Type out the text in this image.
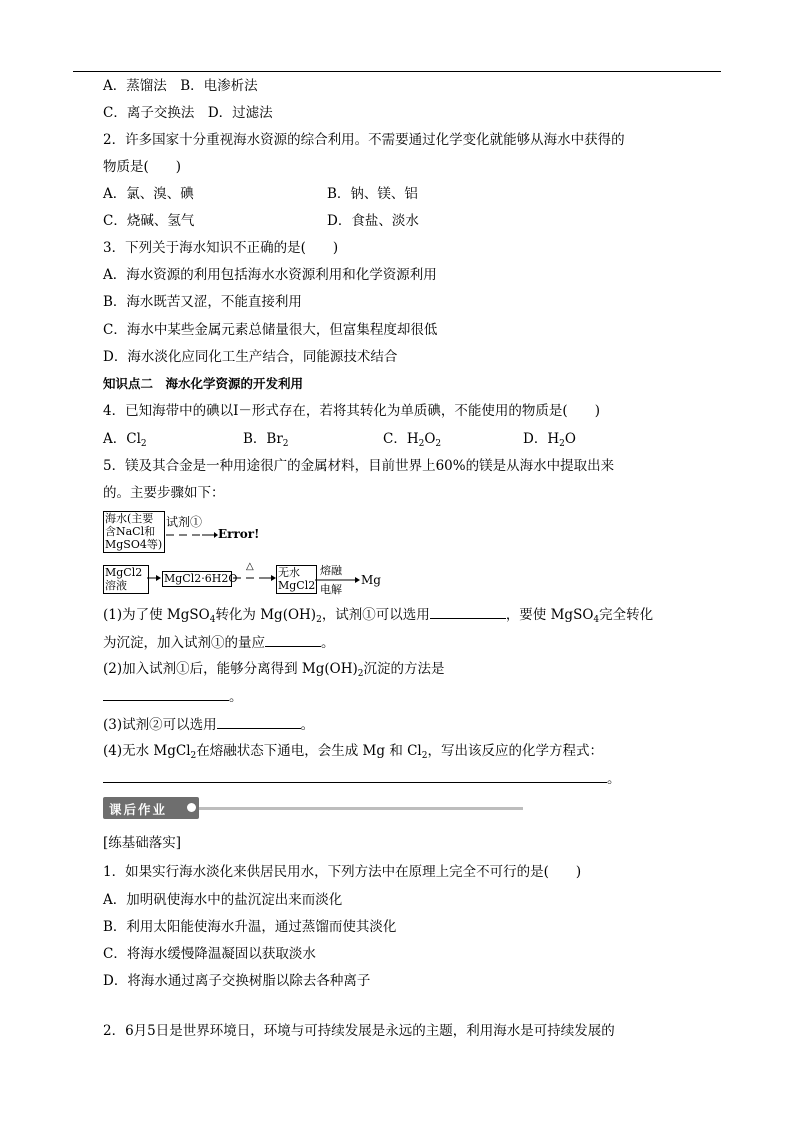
A．蒸馏法　B．电渗析法
C．离子交换法　D．过滤法
2．许多国家十分重视海水资源的综合利用。不需要通过化学变化就能够从海水中获得的
物质是(　　)
A．氯、溴、碘	B．钠、镁、铝
C．烧碱、氢气	D．食盐、淡水
3．下列关于海水知识不正确的是(　　)
A．海水资源的利用包括海水水资源利用和化学资源利用
B．海水既苦又涩，不能直接利用
C．海水中某些金属元素总储量很大，但富集程度却很低
D．海水淡化应同化工生产结合，同能源技术结合
知识点二　海水化学资源的开发利用
4．已知海带中的碘以I－形式存在，若将其转化为单质碘，不能使用的物质是(　　)
A．$Cl_2$	B．$Br_2$	C．$H_2O_2$	D．$H_2O$
5．镁及其合金是一种用途很广的金属材料，目前世界上60%的镁是从海水中提取出来
的。主要步骤如下：
海水(主要
含NaCl和
MgSO4等)
试剂①
Error!
MgCl2
溶液
MgCl2·6H2O
△ 无水
MgCl2
熔融
电解
Mg
(1)为了使 MgSO$_4$转化为 $Mg(OH)_2$，试剂①可以选用	，要使 MgSO$_4$完全转化
为沉淀，加入试剂①的量应	。
(2)加入试剂①后，能够分离得到 $Mg(OH)_2$沉淀的方法是
。
(3)试剂②可以选用	。
(4)无水 MgCl$_2$在熔融状态下通电，会生成 Mg 和 $Cl_2$，写出该反应的化学方程式：
。
课后作业
[练基础落实]
1．如果实行海水淡化来供居民用水，下列方法中在原理上完全不可行的是(　　)
A．加明矾使海水中的盐沉淀出来而淡化
B．利用太阳能使海水升温，通过蒸馏而使其淡化
C．将海水缓慢降温凝固以获取淡水
D．将海水通过离子交换树脂以除去各种离子
2．6月5日是世界环境日，环境与可持续发展是永远的主题，利用海水是可持续发展的
